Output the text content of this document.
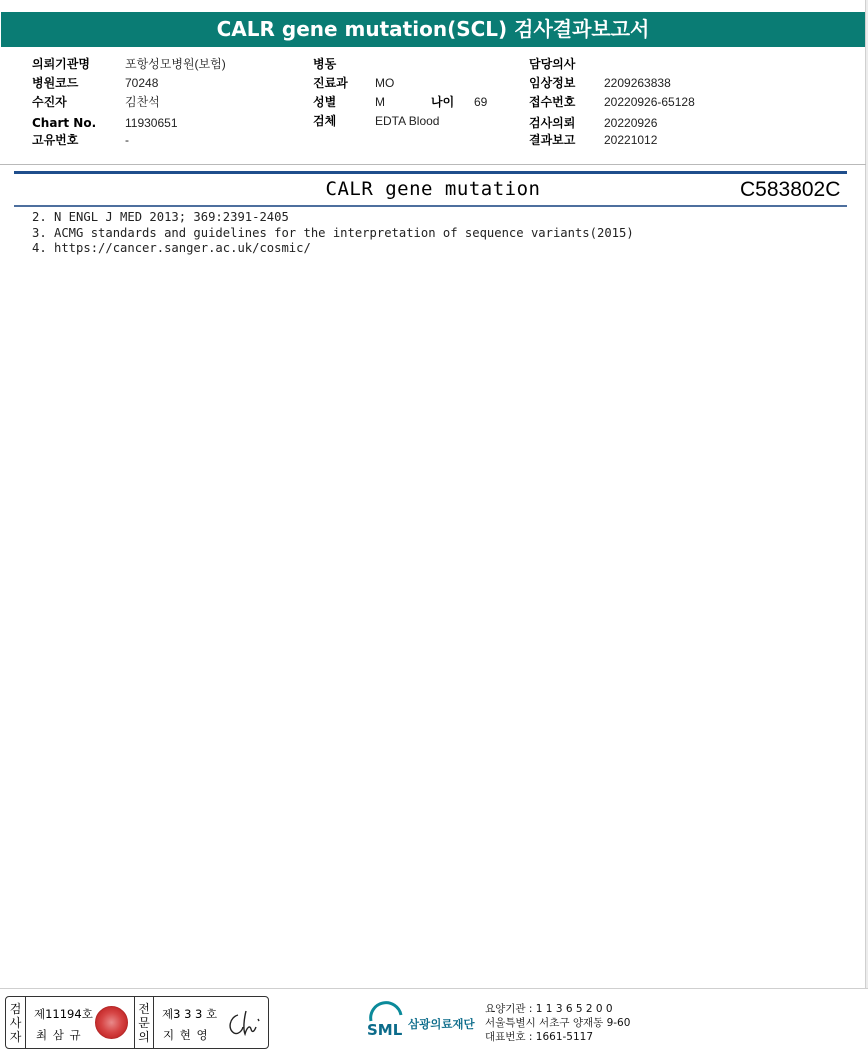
CALR gene mutation(SCL) 검사결과보고서
의뢰기관명	포항성모병원(보험)
병원코드	70248
수진자	김찬석
Chart No. 11930651
고유번호	-
병동
진료과 MO
성별	M	나이 69
검체	EDTA Blood
담당의사
임상정보 2209263838
접수번호 20220926-65128
검사의뢰 20220926
결과보고 20221012
CALR gene mutation	C583802C
2. N ENGL J MED 2013; 369:2391-2405
3. ACMG standards and guidelines for the interpretation of sequence variants(2015)
4. https://cancer.sanger.ac.uk/cosmic/
검
사
자
제11194호
최 삼 규
전
문
의
제3 3 3 호
지 현 영	SML 삼광의료재단
요양기관 : 1 1 3 6 5 2 0 0
서울특별시 서초구 양재동 9-60
대표번호 : 1661-5117
